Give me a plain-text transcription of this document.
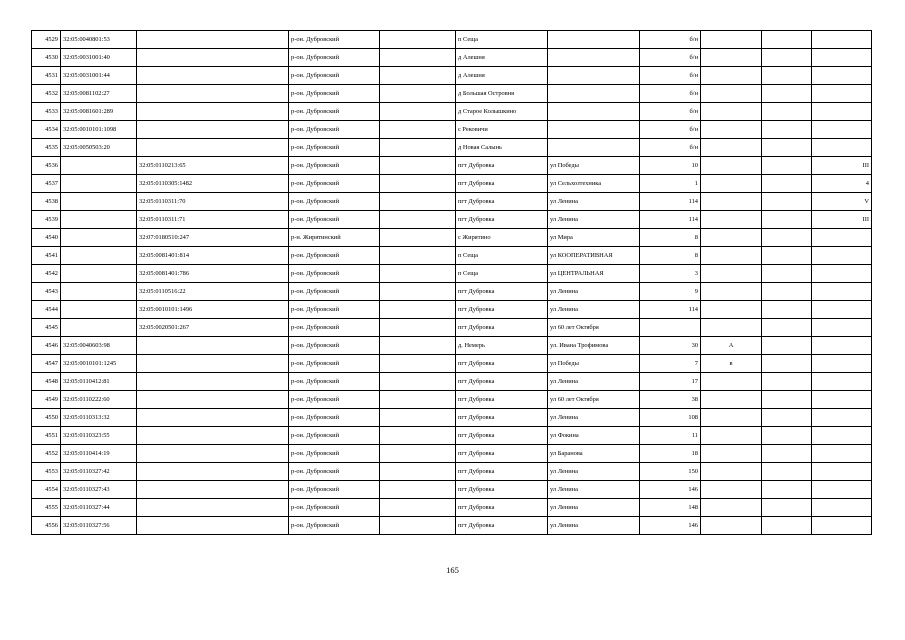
4529	32:05:0040801:53		р-он. Дубровский		п Сеща		б/н			
4530	32:05:0031001:40		р-он. Дубровский		д Алешня		б/н			
4531	32:05:0031001:44		р-он. Дубровский		д Алешня		б/н			
4532	32:05:0081102:27		р-он. Дубровский		д Большая Островня		б/н			
4533	32:05:0081601:289		р-он. Дубровский		д Старое Колышкино		б/н			
4534	32:05:0010101:1098		р-он. Дубровский		с Рековичи		б/н			
4535	32:05:0050503:20		р-он. Дубровский		д Новая Салынь		б/н			
4536		32:05:0110213:65	р-он. Дубровский		пгт Дубровка	ул Победы	10			III
4537		32:05:0110305:1482	р-он. Дубровский		пгт Дубровка	ул Сельхозтехника	1			4
4538		32:05:0110311:70	р-он. Дубровский		пгт Дубровка	ул Ленина	114			V
4539		32:05:0110311:71	р-он. Дубровский		пгт Дубровка	ул Ленина	114			III
4540		32:07:0180510:247	р-н. Жирятинский		с Жирятино	ул Мира	8			
4541		32:05:0081401:814	р-он. Дубровский		п Сеща	ул КООПЕРАТИВНАЯ	8			
4542		32:05:0081401:786	р-он. Дубровский		п Сеща	ул ЦЕНТРАЛЬНАЯ	3			
4543		32:05:0110516:22	р-он. Дубровский		пгт Дубровка	ул Ленина	9			
4544		32:05:0010101:1496	р-он. Дубровский		пгт Дубровка	ул Ленина	114			
4545		32:05:0020501:267	р-он. Дубровский		пгт Дубровка	ул 60 лет Октября				
4546	32:05:0040603:98		р-он. Дубровский		д. Немерь	ул. Ивана Трофимова	30	А		
4547	32:05:0010101:1245		р-он. Дубровский		пгт Дубровка	ул Победы	7	в		
4548	32:05:0110412:81		р-он. Дубровский		пгт Дубровка	ул Ленина	17			
4549	32:05:0110222:60		р-он. Дубровский		пгт Дубровка	ул 60 лет Октября	38			
4550	32:05:0110313:32		р-он. Дубровский		пгт Дубровка	ул Ленина	108			
4551	32:05:0110323:55		р-он. Дубровский		пгт Дубровка	ул Фокина	11			
4552	32:05:0110414:19		р-он. Дубровский		пгт Дубровка	ул Баранова	18			
4553	32:05:0110327:42		р-он. Дубровский		пгт Дубровка	ул Ленина	150			
4554	32:05:0110327:43		р-он. Дубровский		пгт Дубровка	ул Ленина	146			
4555	32:05:0110327:44		р-он. Дубровский		пгт Дубровка	ул Ленина	148			
4556	32:05:0110327:56		р-он. Дубровский		пгт Дубровка	ул Ленина	146			
165
